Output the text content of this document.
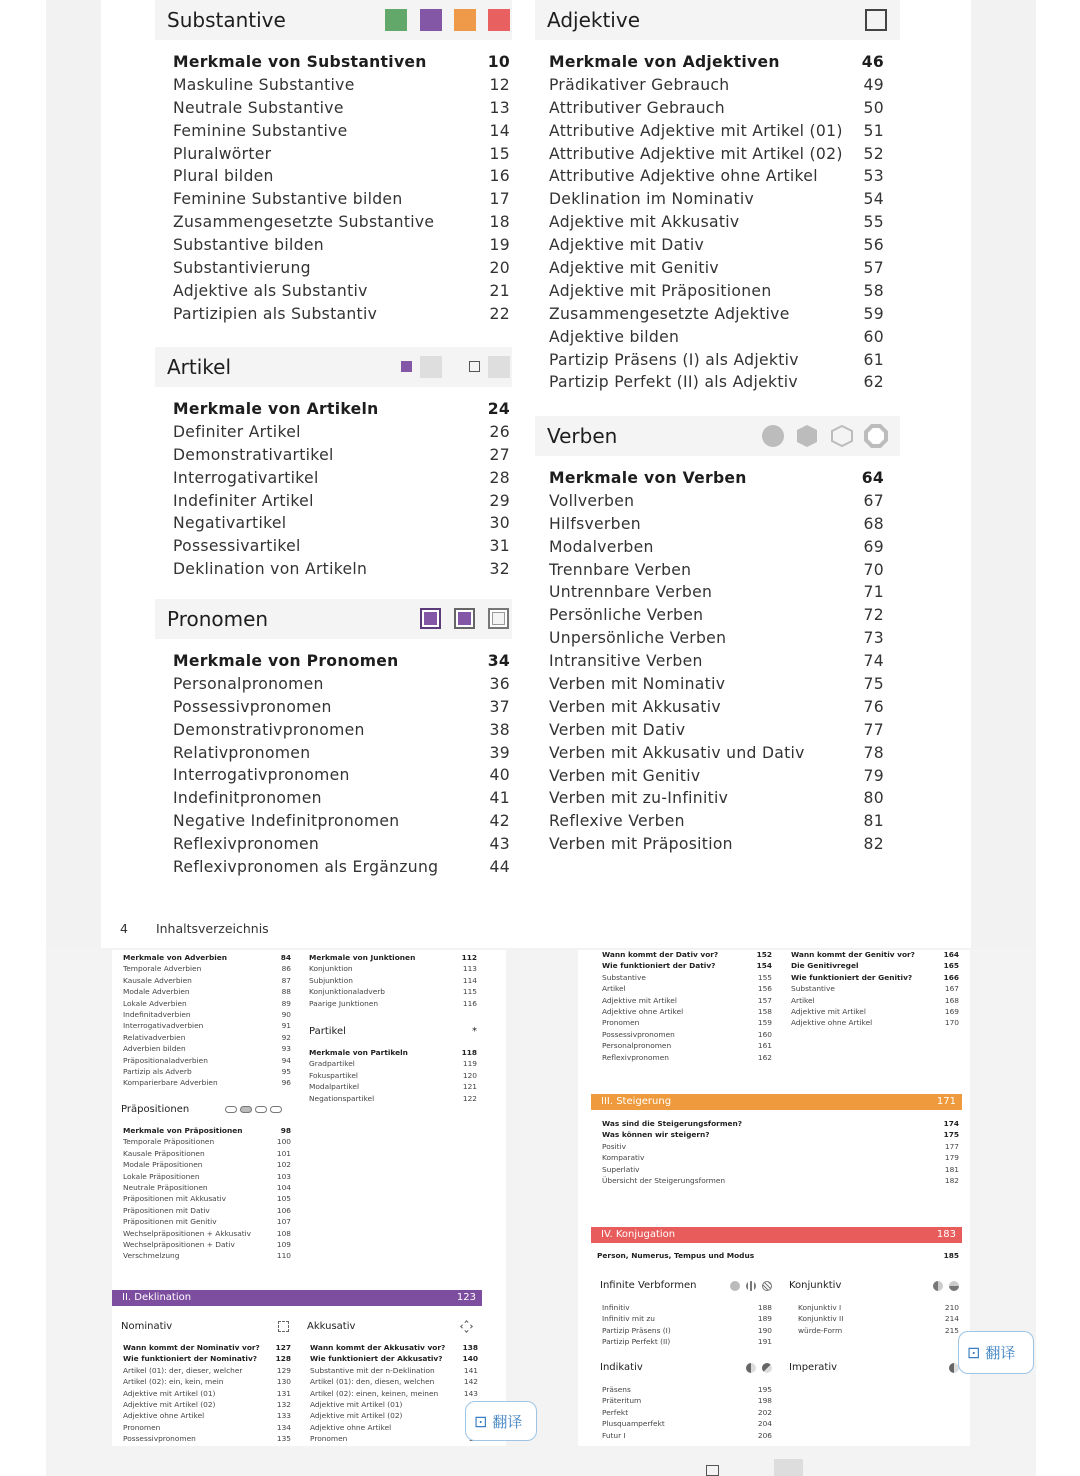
Substantive
Merkmale von Substantiven	10
Maskuline Substantive	12
Neutrale Substantive	13
Feminine Substantive	14
Pluralwörter	15
Plural bilden	16
Feminine Substantive bilden	17
Zusammengesetzte Substantive	18
Substantive bilden	19
Substantivierung	20
Adjektive als Substantiv	21
Partizipien als Substantiv	22
Artikel
Merkmale von Artikeln	24
Definiter Artikel	26
Demonstrativartikel	27
Interrogativartikel	28
Indefiniter Artikel	29
Negativartikel	30
Possessivartikel	31
Deklination von Artikeln	32
Pronomen
Merkmale von Pronomen	34
Personalpronomen	36
Possessivpronomen	37
Demonstrativpronomen	38
Relativpronomen	39
Interrogativpronomen	40
Indefinitpronomen	41
Negative Indefinitpronomen	42
Reflexivpronomen	43
Reflexivpronomen als Ergänzung	44
Adjektive
Merkmale von Adjektiven	46
Prädikativer Gebrauch	49
Attributiver Gebrauch	50
Attributive Adjektive mit Artikel (01)	51
Attributive Adjektive mit Artikel (02)	52
Attributive Adjektive ohne Artikel	53
Deklination im Nominativ	54
Adjektive mit Akkusativ	55
Adjektive mit Dativ	56
Adjektive mit Genitiv	57
Adjektive mit Präpositionen	58
Zusammengesetzte Adjektive	59
Adjektive bilden	60
Partizip Präsens (I) als Adjektiv	61
Partizip Perfekt (II) als Adjektiv	62
Verben
Merkmale von Verben	64
Vollverben	67
Hilfsverben	68
Modalverben	69
Trennbare Verben	70
Untrennbare Verben	71
Persönliche Verben	72
Unpersönliche Verben	73
Intransitive Verben	74
Verben mit Nominativ	75
Verben mit Akkusativ	76
Verben mit Dativ	77
Verben mit Akkusativ und Dativ	78
Verben mit Genitiv	79
Verben mit zu-Infinitiv	80
Reflexive Verben	81
Verben mit Präposition	82
4 Inhaltsverzeichnis
Merkmale von Adverbien	84
Temporale Adverbien	86
Kausale Adverbien	87
Modale Adverbien	88
Lokale Adverbien	89
Indefinitadverbien	90
Interrogativadverbien	91
Relativadverbien	92
Adverbien bilden	93
Präpositionaladverbien	94
Partizip als Adverb	95
Komparierbare Adverbien	96
Merkmale von Junktionen	112
Konjunktion	113
Subjunktion	114
Konjunktionaladverb	115
Paarige Junktionen	116
Partikel	*
Merkmale von Partikeln	118
Gradpartikel	119
Fokuspartikel	120
Modalpartikel	121
Negationspartikel	122
Präpositionen
Merkmale von Präpositionen	98
Temporale Präpositionen	100
Kausale Präpositionen	101
Modale Präpositionen	102
Lokale Präpositionen	103
Neutrale Präpositionen	104
Präpositionen mit Akkusativ	105
Präpositionen mit Dativ	106
Präpositionen mit Genitiv	107
Wechselpräpositionen + Akkusativ	108
Wechselpräpositionen + Dativ	109
Verschmelzung	110
II. Deklination	123
Nominativ
Wann kommt der Nominativ vor? 127
Wie funktioniert der Nominativ? 128
Artikel (01): der, dieser, welcher	129
Artikel (02): ein, kein, mein	130
Adjektive mit Artikel (01)	131
Adjektive mit Artikel (02)	132
Adjektive ohne Artikel	133
Pronomen	134
Possessivpronomen	135
Akkusativ
Wann kommt der Akkusativ vor? 138
Wie funktioniert der Akkusativ?	140
Substantive mit der n-Deklination	141
Artikel (01): den, diesen, welchen	142
Artikel (02): einen, keinen, meinen	143
Adjektive mit Artikel (01)
Adjektive mit Artikel (02)
Adjektive ohne Artikel
Pronomen
⊡ 翻译
Wann kommt der Dativ vor?	152
Wie funktioniert der Dativ?	154
Substantive	155
Artikel	156
Adjektive mit Artikel	157
Adjektive ohne Artikel	158
Pronomen	159
Possessivpronomen	160
Personalpronomen	161
Reflexivpronomen	162
Wann kommt der Genitiv vor?	164
Die Genitivregel	165
Wie funktioniert der Genitiv?	166
Substantive	167
Artikel	168
Adjektive mit Artikel	169
Adjektive ohne Artikel	170
III. Steigerung	171
Was sind die Steigerungsformen?	174
Was können wir steigern?	175
Positiv	177
Komparativ	179
Superlativ	181
Übersicht der Steigerungsformen	182
IV. Konjugation	183
Person, Numerus, Tempus und Modus	185
Infinite Verbformen
Infinitiv	188
Infinitiv mit zu	189
Partizip Präsens (I)	190
Partizip Perfekt (II)	191
Konjunktiv
Konjunktiv I	210
Konjunktiv II	214
würde-Form	215
Indikativ
Präsens	195
Präteritum	198
Perfekt	202
Plusquamperfekt	204
Futur I	206
Imperativ
⊡ 翻译
